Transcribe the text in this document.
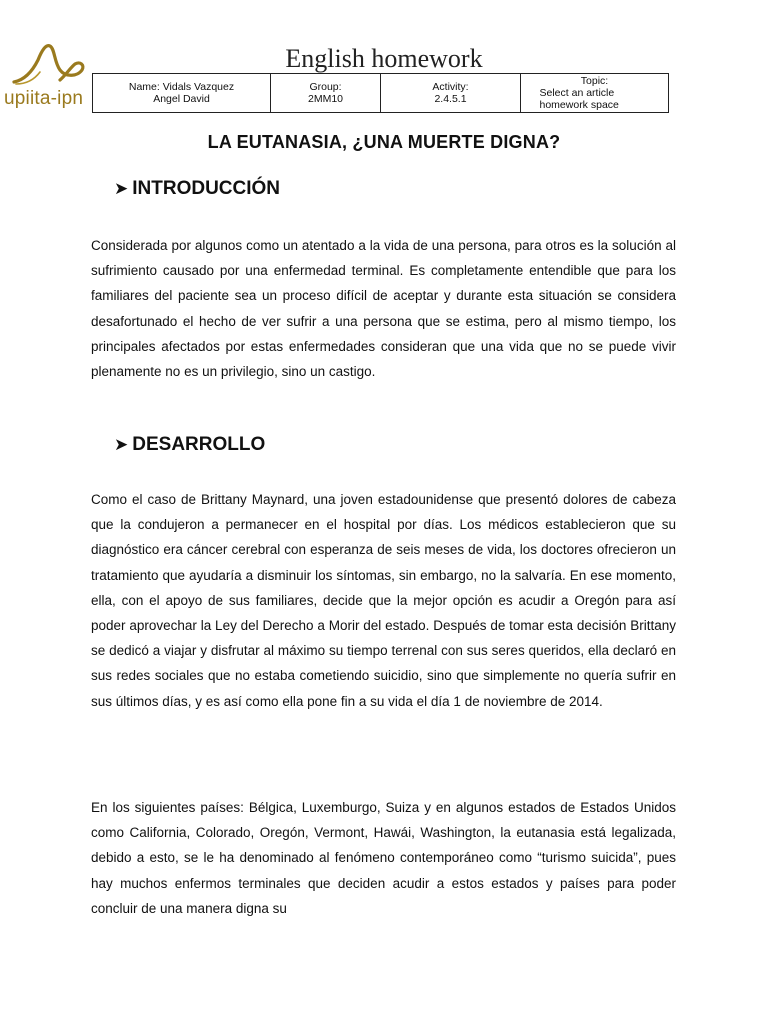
upiita-ipn
English homework
Name: Vidals Vazquez Angel David	
Group:
2MM10

Activity:
2.4.5.1

Topic:
Select an article homework space
LA EUTANASIA, ¿UNA MUERTE DIGNA?
➤ INTRODUCCIÓN

Considerada por algunos como un atentado a la vida de una persona, para otros es la solución al sufrimiento causado por una enfermedad terminal. Es completamente entendible que para los familiares del paciente sea un proceso difícil de aceptar y durante esta situación se considera desafortunado el hecho de ver sufrir a una persona que se estima, pero al mismo tiempo, los principales afectados por estas enfermedades consideran que una vida que no se puede vivir plenamente no es un privilegio, sino un castigo.

➤ DESARROLLO

Como el caso de Brittany Maynard, una joven estadounidense que presentó dolores de cabeza que la condujeron a permanecer en el hospital por días. Los médicos establecieron que su diagnóstico era cáncer cerebral con esperanza de seis meses de vida, los doctores ofrecieron un tratamiento que ayudaría a disminuir los síntomas, sin embargo, no la salvaría. En ese momento, ella, con el apoyo de sus familiares, decide que la mejor opción es acudir a Oregón para así poder aprovechar la Ley del Derecho a Morir del estado. Después de tomar esta decisión Brittany se dedicó a viajar y disfrutar al máximo su tiempo terrenal con sus seres queridos, ella declaró en sus redes sociales que no estaba cometiendo suicidio, sino que simplemente no quería sufrir en sus últimos días, y es así como ella pone fin a su vida el día 1 de noviembre de 2014.

En los siguientes países: Bélgica, Luxemburgo, Suiza y en algunos estados de Estados Unidos como California, Colorado, Oregón, Vermont, Hawái, Washington, la eutanasia está legalizada, debido a esto, se le ha denominado al fenómeno contemporáneo como “turismo suicida”, pues hay muchos enfermos terminales que deciden acudir a estos estados y países para poder concluir de una manera digna su
